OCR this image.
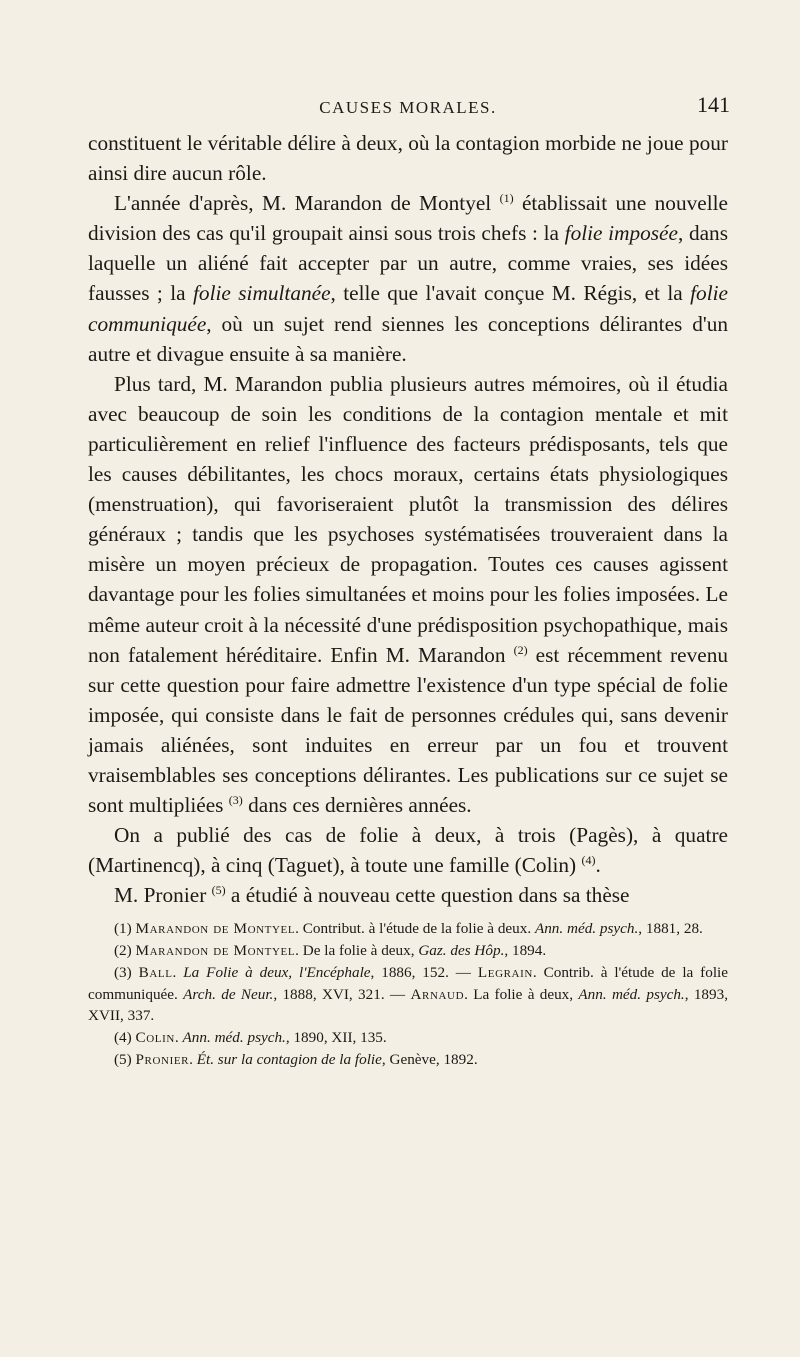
CAUSES MORALES.	141

constituent le véritable délire à deux, où la contagion morbide ne joue pour ainsi dire aucun rôle.

L'année d'après, M. Marandon de Montyel $^{(1)}$ établissait une nouvelle division des cas qu'il groupait ainsi sous trois chefs : la folie imposée, dans laquelle un aliéné fait accepter par un autre, comme vraies, ses idées fausses ; la folie simultanée, telle que l'avait conçue M. Régis, et la folie communiquée, où un sujet rend siennes les conceptions délirantes d'un autre et divague ensuite à sa manière.

Plus tard, M. Marandon publia plusieurs autres mémoires, où il étudia avec beaucoup de soin les conditions de la contagion mentale et mit particulièrement en relief l'influence des facteurs prédisposants, tels que les causes débilitantes, les chocs moraux, certains états physiologiques (menstruation), qui favoriseraient plutôt la transmission des délires généraux ; tandis que les psychoses systématisées trouveraient dans la misère un moyen précieux de propagation. Toutes ces causes agissent davantage pour les folies simultanées et moins pour les folies imposées. Le même auteur croit à la nécessité d'une prédisposition psychopathique, mais non fatalement héréditaire. Enfin M. Marandon $^{(2)}$ est récemment revenu sur cette question pour faire admettre l'existence d'un type spécial de folie imposée, qui consiste dans le fait de personnes crédules qui, sans devenir jamais aliénées, sont induites en erreur par un fou et trouvent vraisemblables ses conceptions délirantes. Les publications sur ce sujet se sont multipliées $^{(3)}$ dans ces dernières années.

On a publié des cas de folie à deux, à trois (Pagès), à quatre (Martinencq), à cinq (Taguet), à toute une famille (Colin) $^{(4)}$.

M. Pronier $^{(5)}$ a étudié à nouveau cette question dans sa thèse

(1) Marandon de Montyel. Contribut. à l'étude de la folie à deux. Ann. méd. psych., 1881, 28.

(2) Marandon de Montyel. De la folie à deux, Gaz. des Hôp., 1894.

(3) Ball. La Folie à deux, l'Encéphale, 1886, 152. — Legrain. Contrib. à l'étude de la folie communiquée. Arch. de Neur., 1888, XVI, 321. — Arnaud. La folie à deux, Ann. méd. psych., 1893, XVII, 337.

(4) Colin. Ann. méd. psych., 1890, XII, 135.

(5) Pronier. Ét. sur la contagion de la folie, Genève, 1892.
